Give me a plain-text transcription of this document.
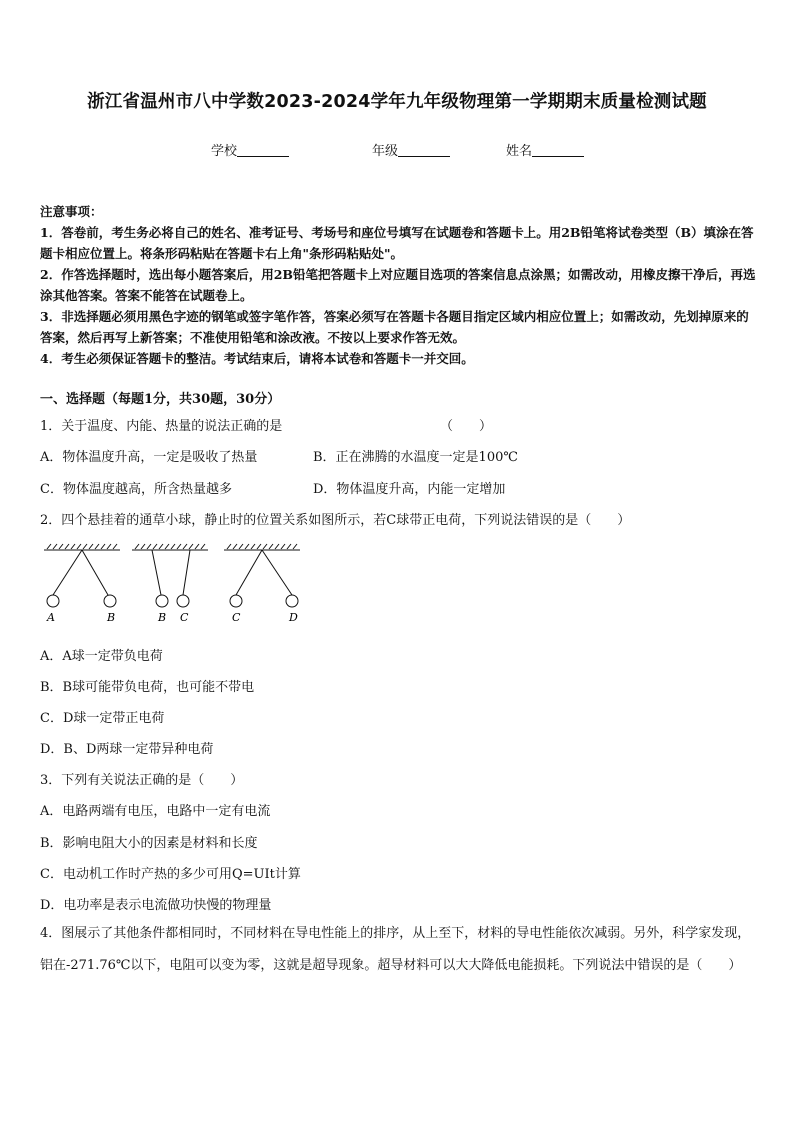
浙江省温州市八中学数2023-2024学年九年级物理第一学期期末质量检测试题
学校	年级	姓名
注意事项：
1．答卷前，考生务必将自己的姓名、准考证号、考场号和座位号填写在试题卷和答题卡上。用2B铅笔将试卷类型（B）填涂在答题卡相应位置上。将条形码粘贴在答题卡右上角"条形码粘贴处"。
2．作答选择题时，选出每小题答案后，用2B铅笔把答题卡上对应题目选项的答案信息点涂黑；如需改动，用橡皮擦干净后，再选涂其他答案。答案不能答在试题卷上。
3．非选择题必须用黑色字迹的钢笔或签字笔作答，答案必须写在答题卡各题目指定区域内相应位置上；如需改动，先划掉原来的答案，然后再写上新答案；不准使用铅笔和涂改液。不按以上要求作答无效。
4．考生必须保证答题卡的整洁。考试结束后，请将本试卷和答题卡一并交回。
一、选择题（每题1分，共30题，30分）
1．关于温度、内能、热量的说法正确的是	（　　）
A．物体温度升高，一定是吸收了热量	B．正在沸腾的水温度一定是100℃
C．物体温度越高，所含热量越多	D．物体温度升高，内能一定增加
2．四个悬挂着的通草小球，静止时的位置关系如图所示，若C球带正电荷，下列说法错误的是（　　）
A	B	B C	C	D
A．A球一定带负电荷
B．B球可能带负电荷，也可能不带电
C．D球一定带正电荷
D．B、D两球一定带异种电荷
3．下列有关说法正确的是（　　）
A．电路两端有电压，电路中一定有电流
B．影响电阻大小的因素是材料和长度
C．电动机工作时产热的多少可用Q=UIt计算
D．电功率是表示电流做功快慢的物理量
4．图展示了其他条件都相同时，不同材料在导电性能上的排序，从上至下，材料的导电性能依次减弱。另外，科学家发现，铝在-271.76℃以下，电阻可以变为零，这就是超导现象。超导材料可以大大降低电能损耗。下列说法中错误的是（　　）
